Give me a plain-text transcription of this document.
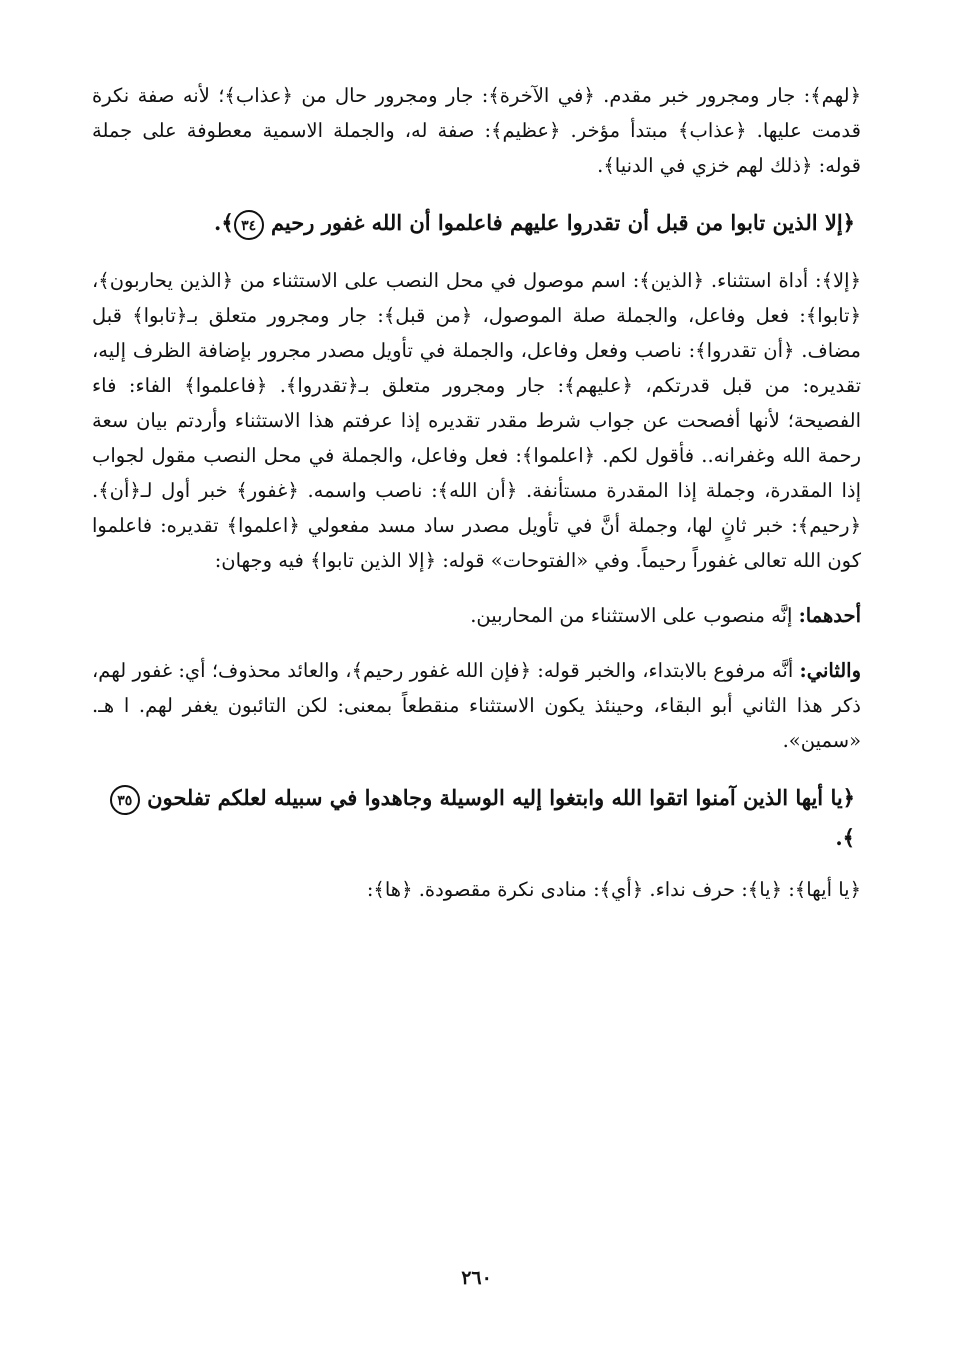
﴿لهم﴾: جار ومجرور خبر مقدم. ﴿في الآخرة﴾: جار ومجرور حال من ﴿عذاب﴾؛ لأنه صفة نكرة قدمت عليها. ﴿عذاب﴾ مبتدأ مؤخر. ﴿عظيم﴾: صفة له، والجملة الاسمية معطوفة على جملة قوله: ﴿ذلك لهم خزي في الدنيا﴾.

﴿إلا الذين تابوا من قبل أن تقدروا عليهم فاعلموا أن الله غفور رحيم ٣٤﴾.

﴿إلا﴾: أداة استثناء. ﴿الذين﴾: اسم موصول في محل النصب على الاستثناء من ﴿الذين يحاربون﴾، ﴿تابوا﴾: فعل وفاعل، والجملة صلة الموصول، ﴿من قبل﴾: جار ومجرور متعلق بـ﴿تابوا﴾ قبل مضاف. ﴿أن تقدروا﴾: ناصب وفعل وفاعل، والجملة في تأويل مصدر مجرور بإضافة الظرف إليه، تقديره: من قبل قدرتكم، ﴿عليهم﴾: جار ومجرور متعلق بـ﴿تقدروا﴾. ﴿فاعلموا﴾ الفاء: فاء الفصيحة؛ لأنها أفصحت عن جواب شرط مقدر تقديره إذا عرفتم هذا الاستثناء وأردتم بيان سعة رحمة الله وغفرانه.. فأقول لكم. ﴿اعلموا﴾: فعل وفاعل، والجملة في محل النصب مقول لجواب إذا المقدرة، وجملة إذا المقدرة مستأنفة. ﴿أن الله﴾: ناصب واسمه. ﴿غفور﴾ خبر أول لـ﴿أن﴾. ﴿رحيم﴾: خبر ثانٍ لها، وجملة أنَّ في تأويل مصدر ساد مسد مفعولي ﴿اعلموا﴾ تقديره: فاعلموا كون الله تعالى غفوراً رحيماً. وفي «الفتوحات» قوله: ﴿إلا الذين تابوا﴾ فيه وجهان:

أحدهما: إنَّه منصوب على الاستثناء من المحاربين.

والثاني: أنَّه مرفوع بالابتداء، والخبر قوله: ﴿فإن الله غفور رحيم﴾، والعائد محذوف؛ أي: غفور لهم، ذكر هذا الثاني أبو البقاء، وحينئذ يكون الاستثناء منقطعاً بمعنى: لكن التائبون يغفر لهم. ا هـ. «سمين».

﴿يا أيها الذين آمنوا اتقوا الله وابتغوا إليه الوسيلة وجاهدوا في سبيله لعلكم تفلحون ٣٥﴾.

﴿يا أيها﴾: ﴿يا﴾: حرف نداء. ﴿أي﴾: منادى نكرة مقصودة. ﴿ها﴾:

٢٦٠
